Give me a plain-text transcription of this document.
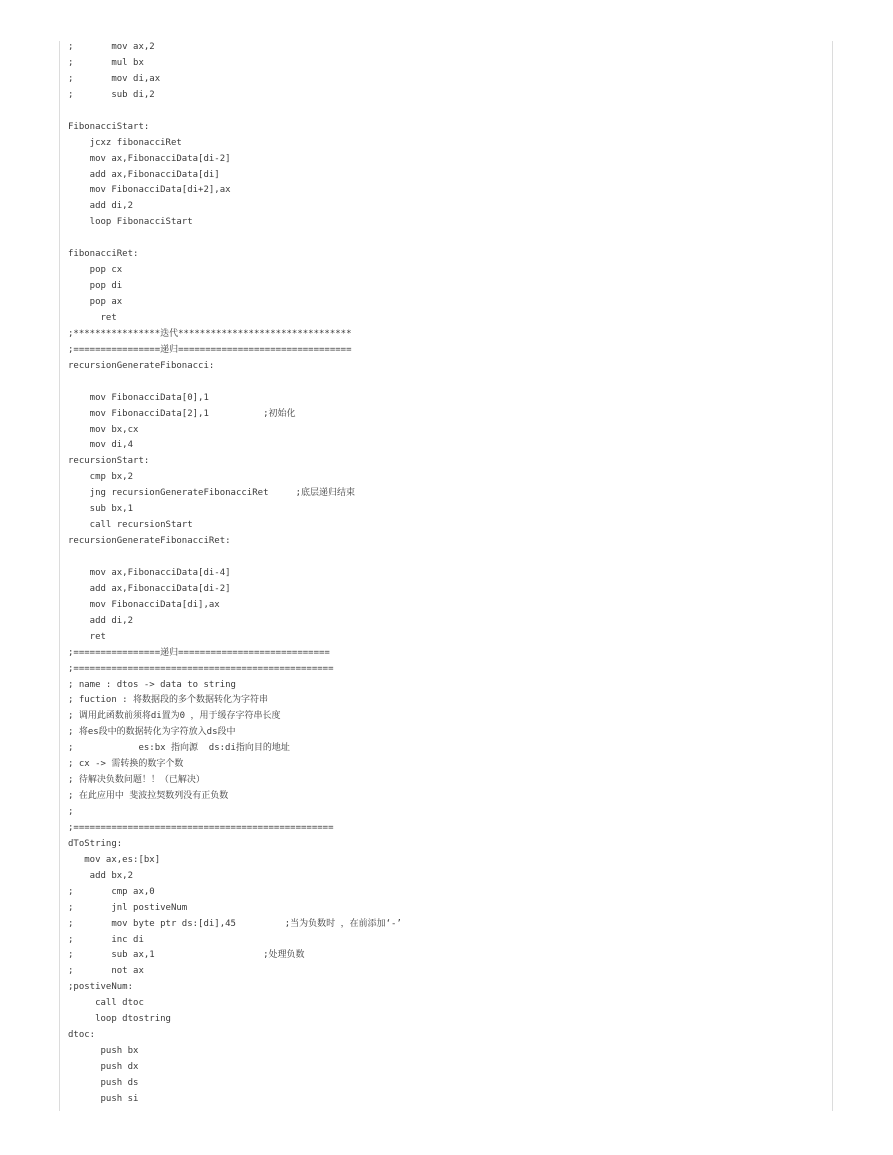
;       mov ax,2
;       mul bx
;       mov di,ax
;       sub di,2
FibonacciStart:
jcxz fibonacciRet
mov ax,FibonacciData[di-2]
add ax,FibonacciData[di]
mov FibonacciData[di+2],ax
add di,2
loop FibonacciStart
fibonacciRet:
pop cx
pop di
pop ax
ret
;****************迭代********************************
;================递归================================
recursionGenerateFibonacci:
mov FibonacciData[0],1
mov FibonacciData[2],1          ;初始化
mov bx,cx
mov di,4
recursionStart:
cmp bx,2
jng recursionGenerateFibonacciRet     ;底层递归结束
sub bx,1
call recursionStart
recursionGenerateFibonacciRet:
mov ax,FibonacciData[di-4]
add ax,FibonacciData[di-2]
mov FibonacciData[di],ax
add di,2
ret
;================递归============================
;================================================
; name : dtos -> data to string
; fuction : 将数据段的多个数据转化为字符串
; 调用此函数前须将di置为0 ，用于缓存字符串长度
; 将es段中的数据转化为字符放入ds段中
;            es:bx 指向源  ds:di指向目的地址
; cx -> 需转换的数字个数
; 待解决负数问题！！（已解决）
; 在此应用中 斐波拉契数列没有正负数
;
;================================================
dToString:
mov ax,es:[bx]
add bx,2
;       cmp ax,0
;       jnl postiveNum
;       mov byte ptr ds:[di],45         ;当为负数时 ，在前添加‘-’
;       inc di
;       sub ax,1                    ;处理负数
;       not ax
;postiveNum:
call dtoc
loop dtostring
dtoc:
push bx
push dx
push ds
push si
